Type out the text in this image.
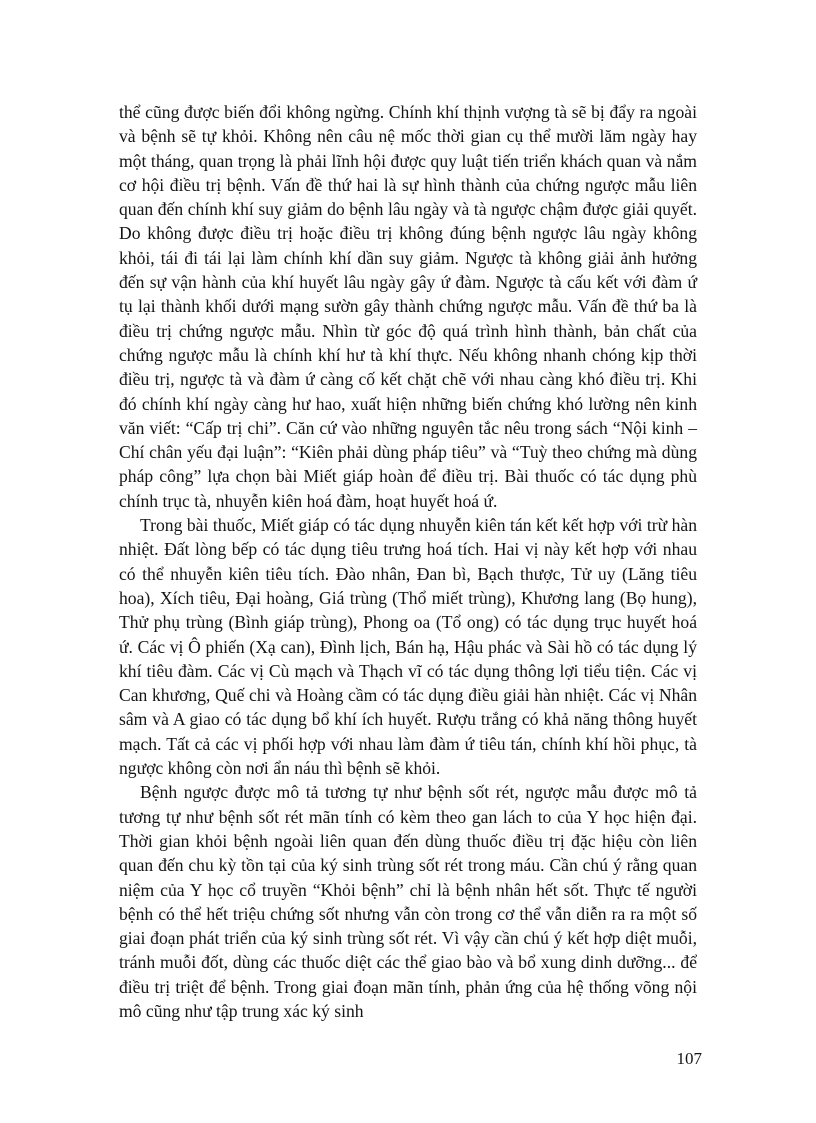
thể cũng được biến đổi không ngừng. Chính khí thịnh vượng tà sẽ bị đẩy ra ngoài và bệnh sẽ tự khỏi. Không nên câu nệ mốc thời gian cụ thể mười lăm ngày hay một tháng, quan trọng là phải lĩnh hội được quy luật tiến triển khách quan và nắm cơ hội điều trị bệnh. Vấn đề thứ hai là sự hình thành của chứng ngược mẫu liên quan đến chính khí suy giảm do bệnh lâu ngày và tà ngược chậm được giải quyết. Do không được điều trị hoặc điều trị không đúng bệnh ngược lâu ngày không khỏi, tái đi tái lại làm chính khí dần suy giảm. Ngược tà không giải ảnh hưởng đến sự vận hành của khí huyết lâu ngày gây ứ đàm. Ngược tà cấu kết với đàm ứ tụ lại thành khối dưới mạng sườn gây thành chứng ngược mẫu. Vấn đề thứ ba là điều trị chứng ngược mẫu. Nhìn từ góc độ quá trình hình thành, bản chất của chứng ngược mẫu là chính khí hư tà khí thực. Nếu không nhanh chóng kịp thời điều trị, ngược tà và đàm ứ càng cố kết chặt chẽ với nhau càng khó điều trị. Khi đó chính khí ngày càng hư hao, xuất hiện những biến chứng khó lường nên kinh văn viết: “Cấp trị chi”. Căn cứ vào những nguyên tắc nêu trong sách “Nội kinh – Chí chân yếu đại luận”: “Kiên phải dùng pháp tiêu” và “Tuỳ theo chứng mà dùng pháp công” lựa chọn bài Miết giáp hoàn để điều trị. Bài thuốc có tác dụng phù chính trục tà, nhuyễn kiên hoá đàm, hoạt huyết hoá ứ.

Trong bài thuốc, Miết giáp có tác dụng nhuyễn kiên tán kết kết hợp với trừ hàn nhiệt. Đất lòng bếp có tác dụng tiêu trưng hoá tích. Hai vị này kết hợp với nhau có thể nhuyễn kiên tiêu tích. Đào nhân, Đan bì, Bạch thược, Tử uy (Lăng tiêu hoa), Xích tiêu, Đại hoàng, Giá trùng (Thổ miết trùng), Khương lang (Bọ hung), Thử phụ trùng (Bình giáp trùng), Phong oa (Tổ ong) có tác dụng trục huyết hoá ứ. Các vị Ô phiến (Xạ can), Đình lịch, Bán hạ, Hậu phác và Sài hồ có tác dụng lý khí tiêu đàm. Các vị Cù mạch và Thạch vĩ có tác dụng thông lợi tiểu tiện. Các vị Can khương, Quế chi và Hoàng cầm có tác dụng điều giải hàn nhiệt. Các vị Nhân sâm và A giao có tác dụng bổ khí ích huyết. Rượu trắng có khả năng thông huyết mạch. Tất cả các vị phối hợp với nhau làm đàm ứ tiêu tán, chính khí hồi phục, tà ngược không còn nơi ẩn náu thì bệnh sẽ khỏi.

Bệnh ngược được mô tả tương tự như bệnh sốt rét, ngược mẫu được mô tả tương tự như bệnh sốt rét mãn tính có kèm theo gan lách to của Y học hiện đại. Thời gian khỏi bệnh ngoài liên quan đến dùng thuốc điều trị đặc hiệu còn liên quan đến chu kỳ tồn tại của ký sinh trùng sốt rét trong máu. Cần chú ý rằng quan niệm của Y học cổ truyền “Khỏi bệnh” chỉ là bệnh nhân hết sốt. Thực tế người bệnh có thể hết triệu chứng sốt nhưng vẫn còn trong cơ thể vẫn diễn ra ra một số giai đoạn phát triển của ký sinh trùng sốt rét. Vì vậy cần chú ý kết hợp diệt muỗi, tránh muỗi đốt, dùng các thuốc diệt các thể giao bào và bổ xung dinh dưỡng... để điều trị triệt để bệnh. Trong giai đoạn mãn tính, phản ứng của hệ thống võng nội mô cũng như tập trung xác ký sinh

107
